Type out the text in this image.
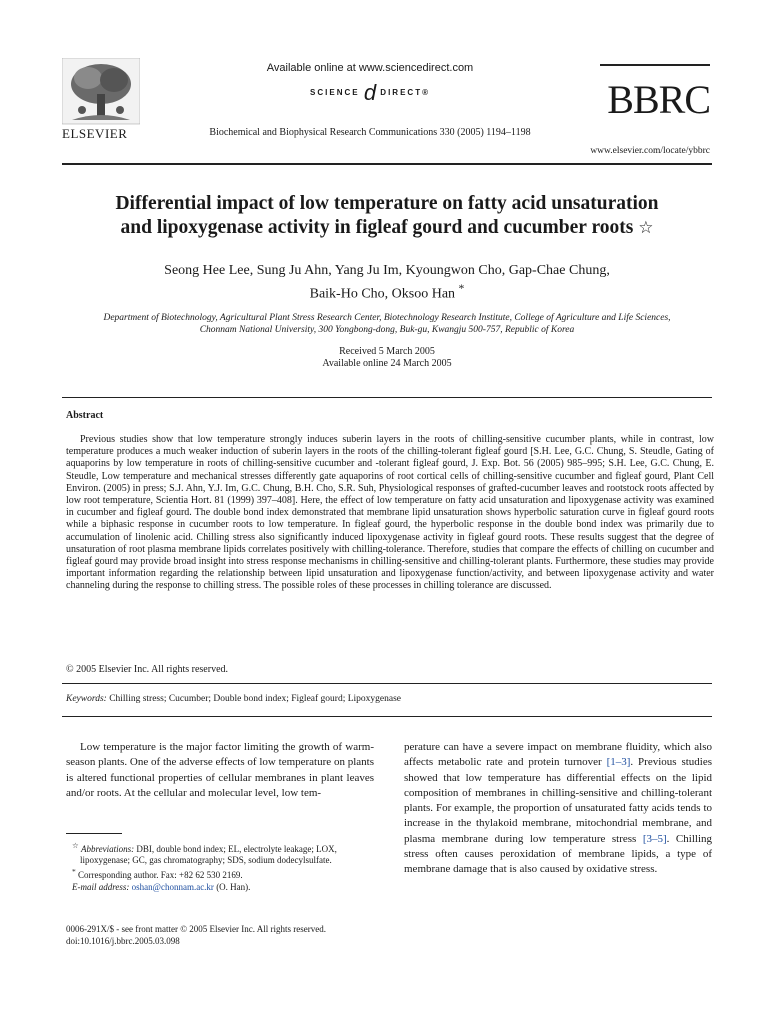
ELSEVIER
Available online at www.sciencedirect.com
SCIENCE d DIRECT®
Biochemical and Biophysical Research Communications 330 (2005) 1194–1198
BBRC
www.elsevier.com/locate/ybbrc
Differential impact of low temperature on fatty acid unsaturation
and lipoxygenase activity in figleaf gourd and cucumber roots ☆
Seong Hee Lee, Sung Ju Ahn, Yang Ju Im, Kyoungwon Cho, Gap-Chae Chung,
Baik-Ho Cho, Oksoo Han *
Department of Biotechnology, Agricultural Plant Stress Research Center, Biotechnology Research Institute, College of Agriculture and Life Sciences,
Chonnam National University, 300 Yongbong-dong, Buk-gu, Kwangju 500-757, Republic of Korea
Received 5 March 2005
Available online 24 March 2005
Abstract
Previous studies show that low temperature strongly induces suberin layers in the roots of chilling-sensitive cucumber plants, while in contrast, low temperature produces a much weaker induction of suberin layers in the roots of the chilling-tolerant figleaf gourd [S.H. Lee, G.C. Chung, S. Steudle, Gating of aquaporins by low temperature in roots of chilling-sensitive cucumber and -tolerant figleaf gourd, J. Exp. Bot. 56 (2005) 985–995; S.H. Lee, G.C. Chung, E. Steudle, Low temperature and mechanical stresses differently gate aquaporins of root cortical cells of chilling-sensitive cucumber and figleaf gourd, Plant Cell Environ. (2005) in press; S.J. Ahn, Y.J. Im, G.C. Chung, B.H. Cho, S.R. Suh, Physiological responses of grafted-cucumber leaves and rootstock roots affected by low root temperature, Scientia Hort. 81 (1999) 397–408]. Here, the effect of low temperature on fatty acid unsaturation and lipoxygenase activity was examined in cucumber and figleaf gourd. The double bond index demonstrated that membrane lipid unsaturation shows hyperbolic saturation curve in figleaf gourd roots while a biphasic response in cucumber roots to low temperature. In figleaf gourd, the hyperbolic response in the double bond index was primarily due to accumulation of linolenic acid. Chilling stress also significantly induced lipoxygenase activity in figleaf gourd roots. These results suggest that the degree of unsaturation of root plasma membrane lipids correlates positively with chilling-tolerance. Therefore, studies that compare the effects of chilling on cucumber and figleaf gourd may provide broad insight into stress response mechanisms in chilling-sensitive and chilling-tolerant plants. Furthermore, these studies may provide important information regarding the relationship between lipid unsaturation and lipoxygenase function/activity, and between lipoxygenase activity and water channeling during the response to chilling stress. The possible roles of these processes in chilling tolerance are discussed.
© 2005 Elsevier Inc. All rights reserved.
Keywords: Chilling stress; Cucumber; Double bond index; Figleaf gourd; Lipoxygenase
Low temperature is the major factor limiting the growth of warm-season plants. One of the adverse effects of low temperature on plants is altered functional properties of cellular membranes in plant leaves and/or roots. At the cellular and molecular level, low tem-
perature can have a severe impact on membrane fluidity, which also affects metabolic rate and protein turnover [1–3]. Previous studies showed that low temperature has differential effects on the lipid composition of membranes in chilling-sensitive and chilling-tolerant plants. For example, the proportion of unsaturated fatty acids tends to increase in the thylakoid membrane, mitochondrial membrane, and plasma membrane during low temperature stress [3–5]. Chilling stress often causes peroxidation of membrane lipids, a type of membrane damage that is also caused by oxidative stress.

☆ Abbreviations: DBI, double bond index; EL, electrolyte leakage; LOX, lipoxygenase; GC, gas chromatography; SDS, sodium dodecylsulfate.

* Corresponding author. Fax: +82 62 530 2169.

E-mail address: oshan@chonnam.ac.kr (O. Han).

0006-291X/$ - see front matter © 2005 Elsevier Inc. All rights reserved.
doi:10.1016/j.bbrc.2005.03.098
